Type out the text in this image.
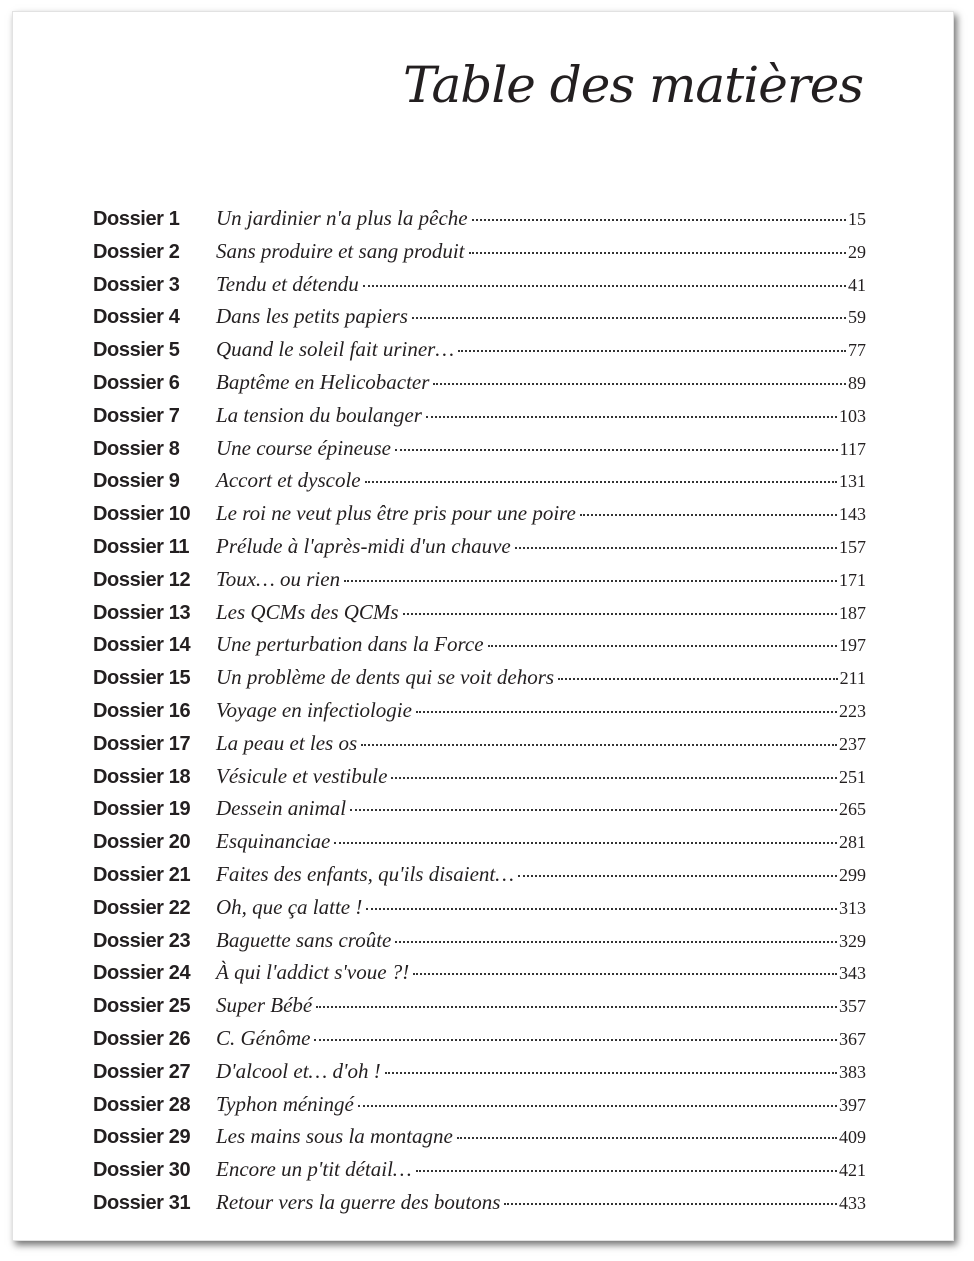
Table des matières
Dossier 1	Un jardinier n'a plus la pêche	15
Dossier 2	Sans produire et sang produit	29
Dossier 3	Tendu et détendu	41
Dossier 4	Dans les petits papiers	59
Dossier 5	Quand le soleil fait uriner…	77
Dossier 6	Baptême en Helicobacter	89
Dossier 7	La tension du boulanger	103
Dossier 8	Une course épineuse	117
Dossier 9	Accort et dyscole	131
Dossier 10	Le roi ne veut plus être pris pour une poire	143
Dossier 11	Prélude à l'après-midi d'un chauve	157
Dossier 12	Toux… ou rien	171
Dossier 13	Les QCMs des QCMs	187
Dossier 14	Une perturbation dans la Force	197
Dossier 15	Un problème de dents qui se voit dehors	211
Dossier 16	Voyage en infectiologie	223
Dossier 17	La peau et les os	237
Dossier 18	Vésicule et vestibule	251
Dossier 19	Dessein animal	265
Dossier 20	Esquinanciae	281
Dossier 21	Faites des enfants, qu'ils disaient…	299
Dossier 22	Oh, que ça latte !	313
Dossier 23	Baguette sans croûte	329
Dossier 24	À qui l'addict s'voue ?!	343
Dossier 25	Super Bébé	357
Dossier 26	C. Génôme	367
Dossier 27	D'alcool et… d'oh !	383
Dossier 28	Typhon méningé	397
Dossier 29	Les mains sous la montagne	409
Dossier 30	Encore un p'tit détail…	421
Dossier 31	Retour vers la guerre des boutons	433
